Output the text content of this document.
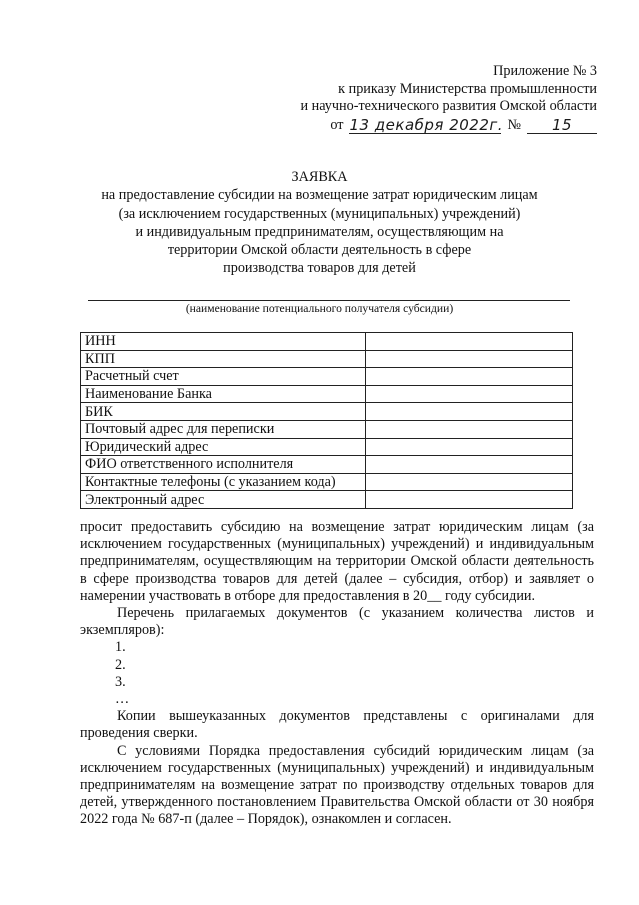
Приложение № 3
к приказу Министерства промышленности
и научно-технического развития Омской области
от 13 декабря 2022г. №	15
ЗАЯВКА
на предоставление субсидии на возмещение затрат юридическим лицам
(за исключением государственных (муниципальных) учреждений)
и индивидуальным предпринимателям, осуществляющим на
территории Омской области деятельность в сфере
производства товаров для детей
(наименование потенциального получателя субсидии)
ИНН	
КПП	
Расчетный счет	
Наименование Банка	
БИК	
Почтовый адрес для переписки	
Юридический адрес	
ФИО ответственного исполнителя	
Контактные телефоны (с указанием кода)	
Электронный адрес	

просит предоставить субсидию на возмещение затрат юридическим лицам (за исключением государственных (муниципальных) учреждений) и индивидуальным предпринимателям, осуществляющим на территории Омской области деятельность в сфере производства товаров для детей (далее – субсидия, отбор) и заявляет о намерении участвовать в отборе для предоставления в 20__ году субсидии.

Перечень прилагаемых документов (с указанием количества листов и экземпляров):

1.

2.

3.

…

Копии вышеуказанных документов представлены с оригиналами для проведения сверки.

С условиями Порядка предоставления субсидий юридическим лицам (за исключением государственных (муниципальных) учреждений) и индивидуальным предпринимателям на возмещение затрат по производству отдельных товаров для детей, утвержденного постановлением Правительства Омской области от 30 ноября 2022 года № 687-п (далее – Порядок), ознакомлен и согласен.
